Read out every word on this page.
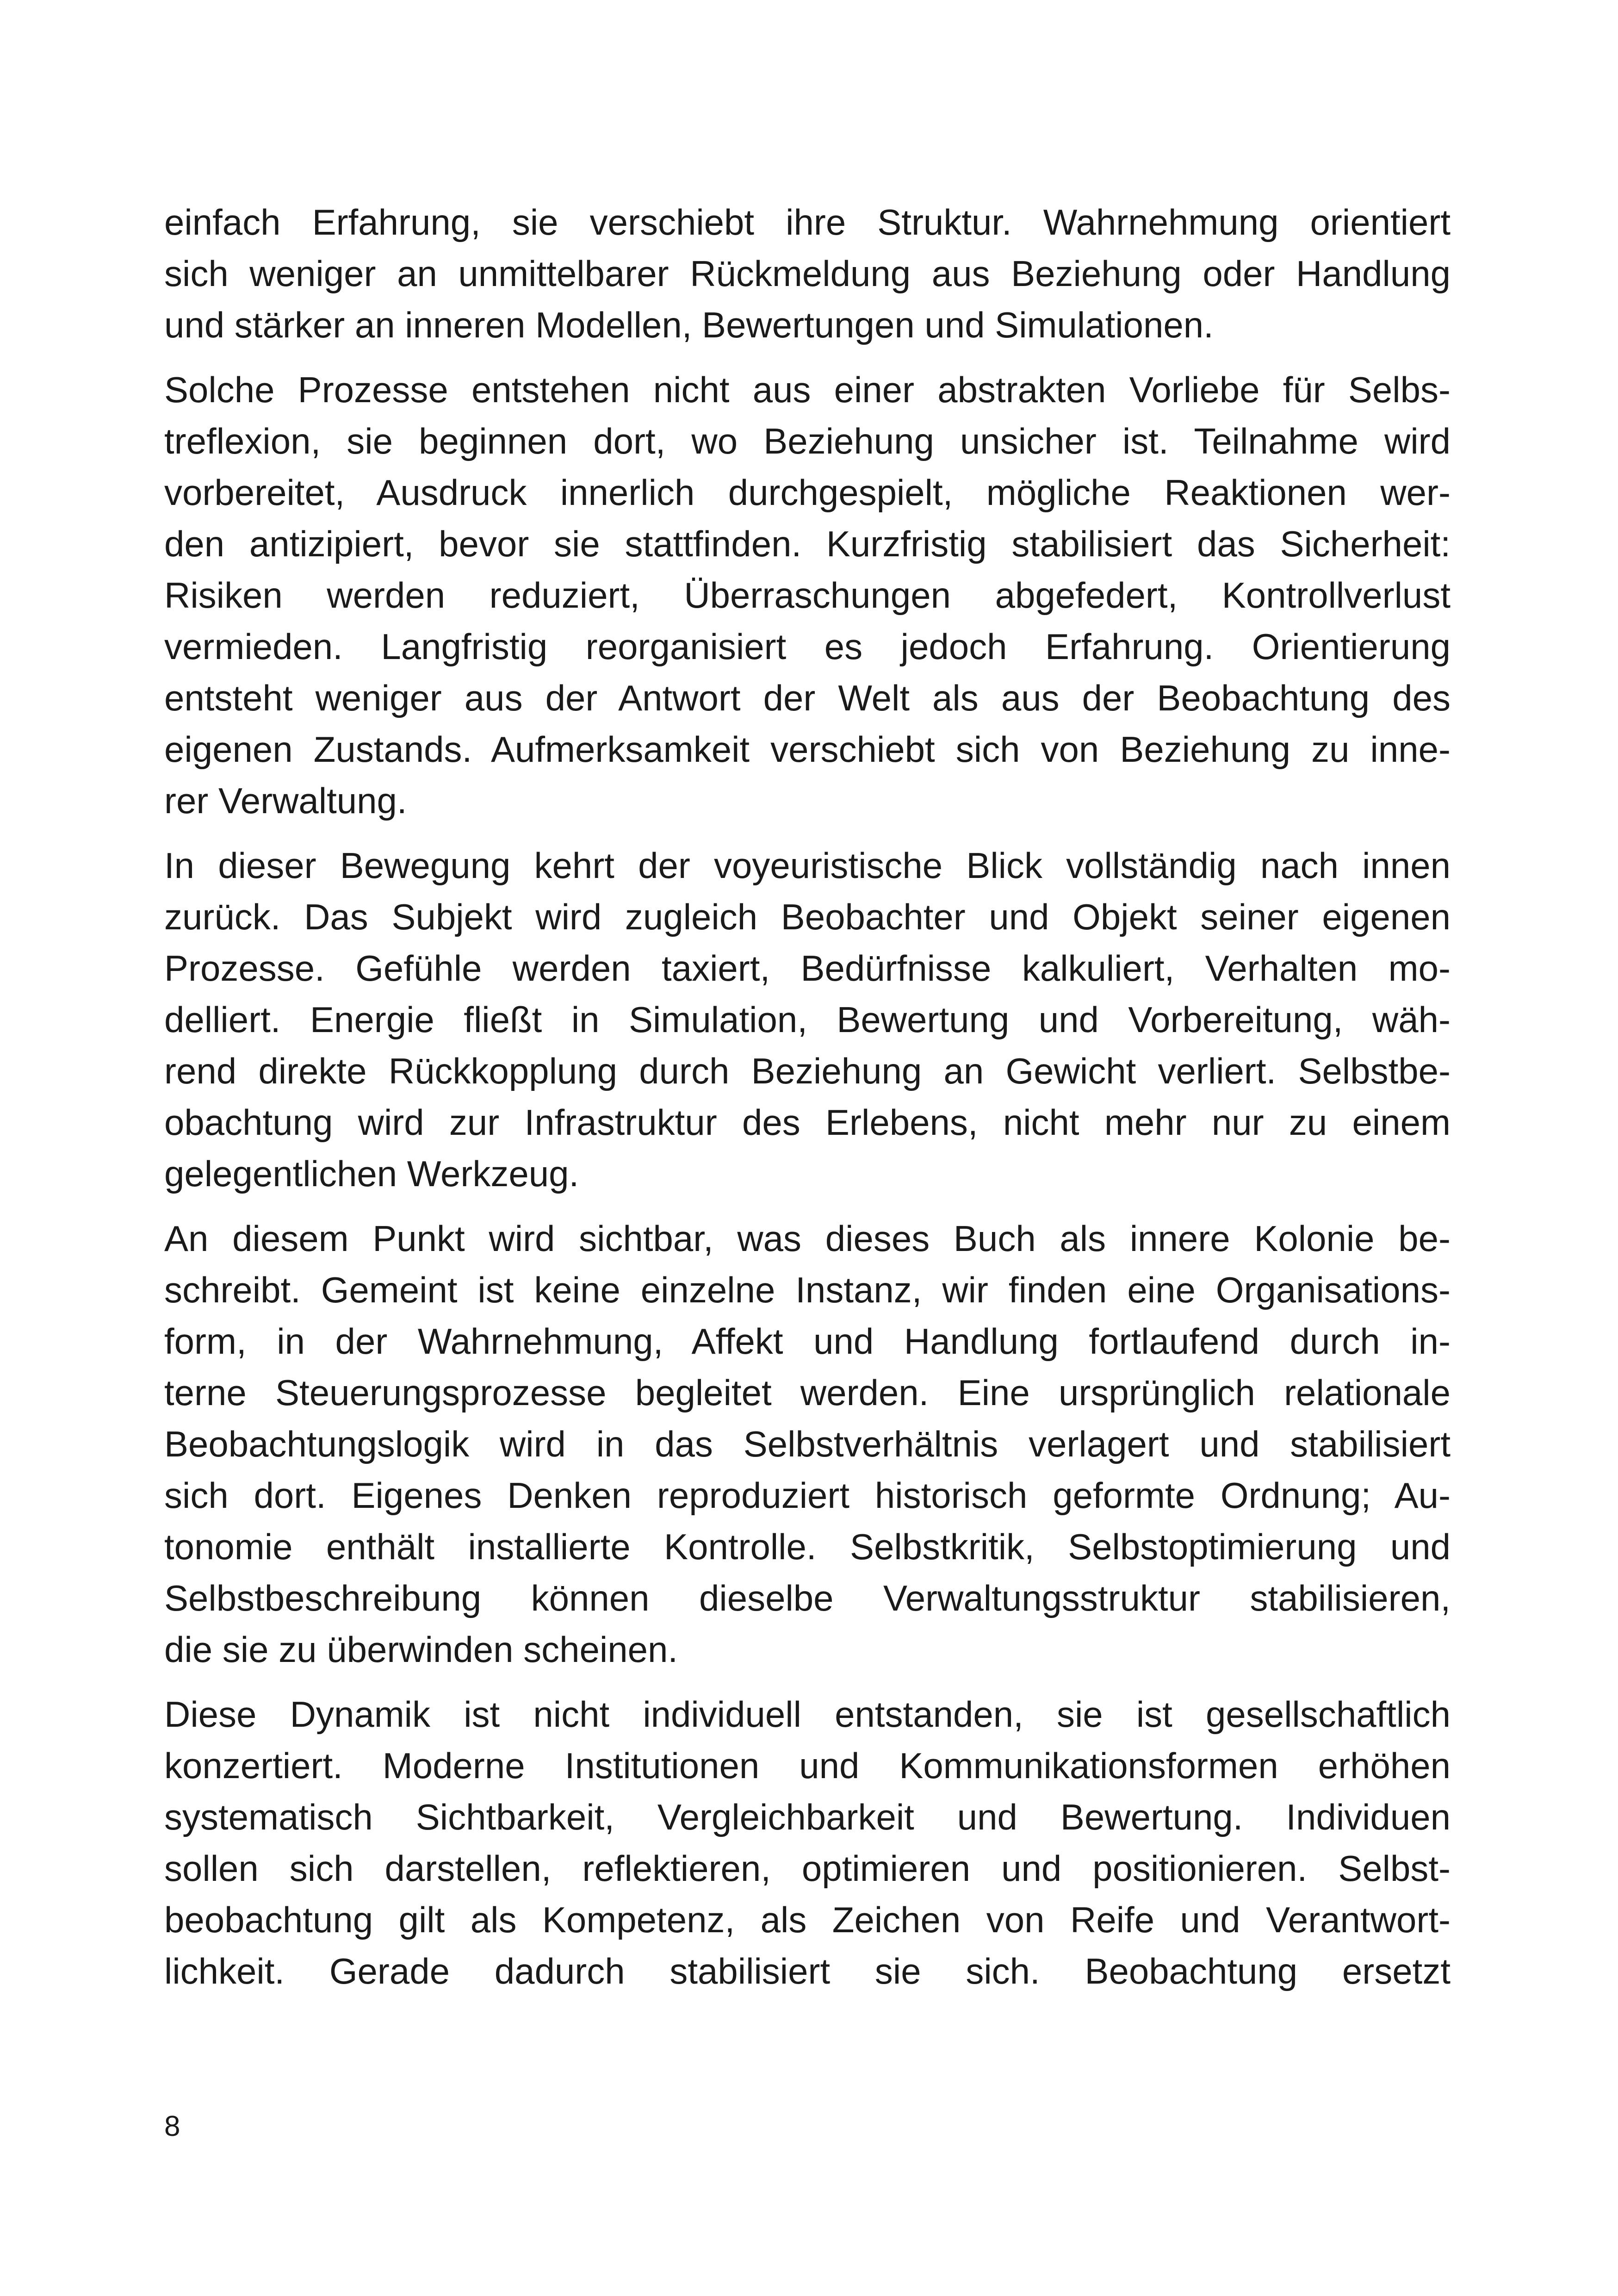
einfach Erfahrung, sie verschiebt ihre Struktur. Wahrnehmung orientiert
sich weniger an unmittelbarer Rückmeldung aus Beziehung oder Handlung
und stärker an inneren Modellen, Bewertungen und Simulationen.
Solche Prozesse entstehen nicht aus einer abstrakten Vorliebe für Selbs-
treflexion, sie beginnen dort, wo Beziehung unsicher ist. Teilnahme wird
vorbereitet, Ausdruck innerlich durchgespielt, mögliche Reaktionen wer-
den antizipiert, bevor sie stattfinden. Kurzfristig stabilisiert das Sicherheit:
Risiken werden reduziert, Überraschungen abgefedert, Kontrollverlust
vermieden. Langfristig reorganisiert es jedoch Erfahrung. Orientierung
entsteht weniger aus der Antwort der Welt als aus der Beobachtung des
eigenen Zustands. Aufmerksamkeit verschiebt sich von Beziehung zu inne-
rer Verwaltung.
In dieser Bewegung kehrt der voyeuristische Blick vollständig nach innen
zurück. Das Subjekt wird zugleich Beobachter und Objekt seiner eigenen
Prozesse. Gefühle werden taxiert, Bedürfnisse kalkuliert, Verhalten mo-
delliert. Energie fließt in Simulation, Bewertung und Vorbereitung, wäh-
rend direkte Rückkopplung durch Beziehung an Gewicht verliert. Selbstbe-
obachtung wird zur Infrastruktur des Erlebens, nicht mehr nur zu einem
gelegentlichen Werkzeug.
An diesem Punkt wird sichtbar, was dieses Buch als innere Kolonie be-
schreibt. Gemeint ist keine einzelne Instanz, wir finden eine Organisations-
form, in der Wahrnehmung, Affekt und Handlung fortlaufend durch in-
terne Steuerungsprozesse begleitet werden. Eine ursprünglich relationale
Beobachtungslogik wird in das Selbstverhältnis verlagert und stabilisiert
sich dort. Eigenes Denken reproduziert historisch geformte Ordnung; Au-
tonomie enthält installierte Kontrolle. Selbstkritik, Selbstoptimierung und
Selbstbeschreibung können dieselbe Verwaltungsstruktur stabilisieren,
die sie zu überwinden scheinen.
Diese Dynamik ist nicht individuell entstanden, sie ist gesellschaftlich
konzertiert. Moderne Institutionen und Kommunikationsformen erhöhen
systematisch Sichtbarkeit, Vergleichbarkeit und Bewertung. Individuen
sollen sich darstellen, reflektieren, optimieren und positionieren. Selbst-
beobachtung gilt als Kompetenz, als Zeichen von Reife und Verantwort-
lichkeit. Gerade dadurch stabilisiert sie sich. Beobachtung ersetzt
8
